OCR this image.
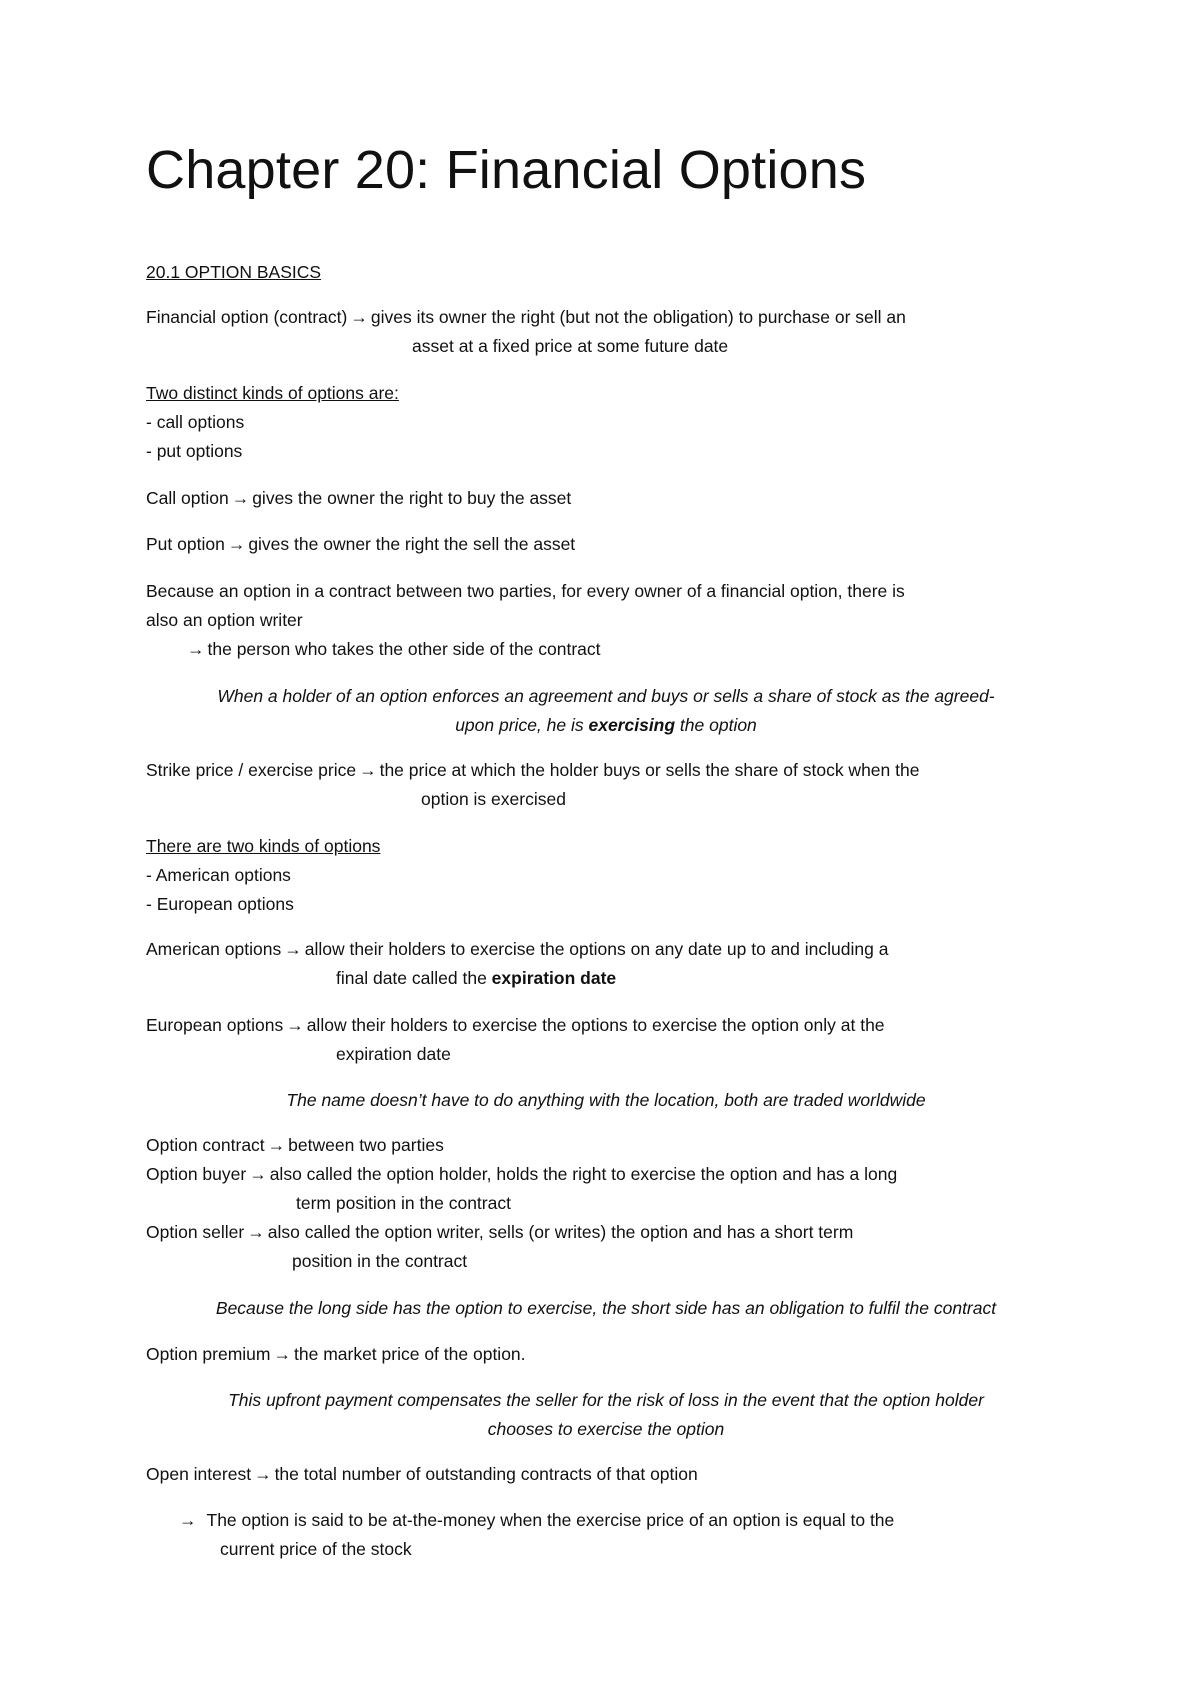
Chapter 20: Financial Options
20.1 OPTION BASICS
Financial option (contract) → gives its owner the right (but not the obligation) to purchase or sell an
asset at a fixed price at some future date
Two distinct kinds of options are:
- call options
- put options
Call option → gives the owner the right to buy the asset
Put option → gives the owner the right the sell the asset
Because an option in a contract between two parties, for every owner of a financial option, there is
also an option writer
→ the person who takes the other side of the contract
When a holder of an option enforces an agreement and buys or sells a share of stock as the agreed-
upon price, he is exercising the option
Strike price / exercise price → the price at which the holder buys or sells the share of stock when the
option is exercised
There are two kinds of options
- American options
- European options
American options → allow their holders to exercise the options on any date up to and including a
final date called the expiration date
European options → allow their holders to exercise the options to exercise the option only at the
expiration date
The name doesn’t have to do anything with the location, both are traded worldwide
Option contract → between two parties
Option buyer → also called the option holder, holds the right to exercise the option and has a long
term position in the contract
Option seller → also called the option writer, sells (or writes) the option and has a short term
position in the contract
Because the long side has the option to exercise, the short side has an obligation to fulfil the contract
Option premium → the market price of the option.
This upfront payment compensates the seller for the risk of loss in the event that the option holder
chooses to exercise the option
Open interest → the total number of outstanding contracts of that option
→ The option is said to be at-the-money when the exercise price of an option is equal to the
current price of the stock
